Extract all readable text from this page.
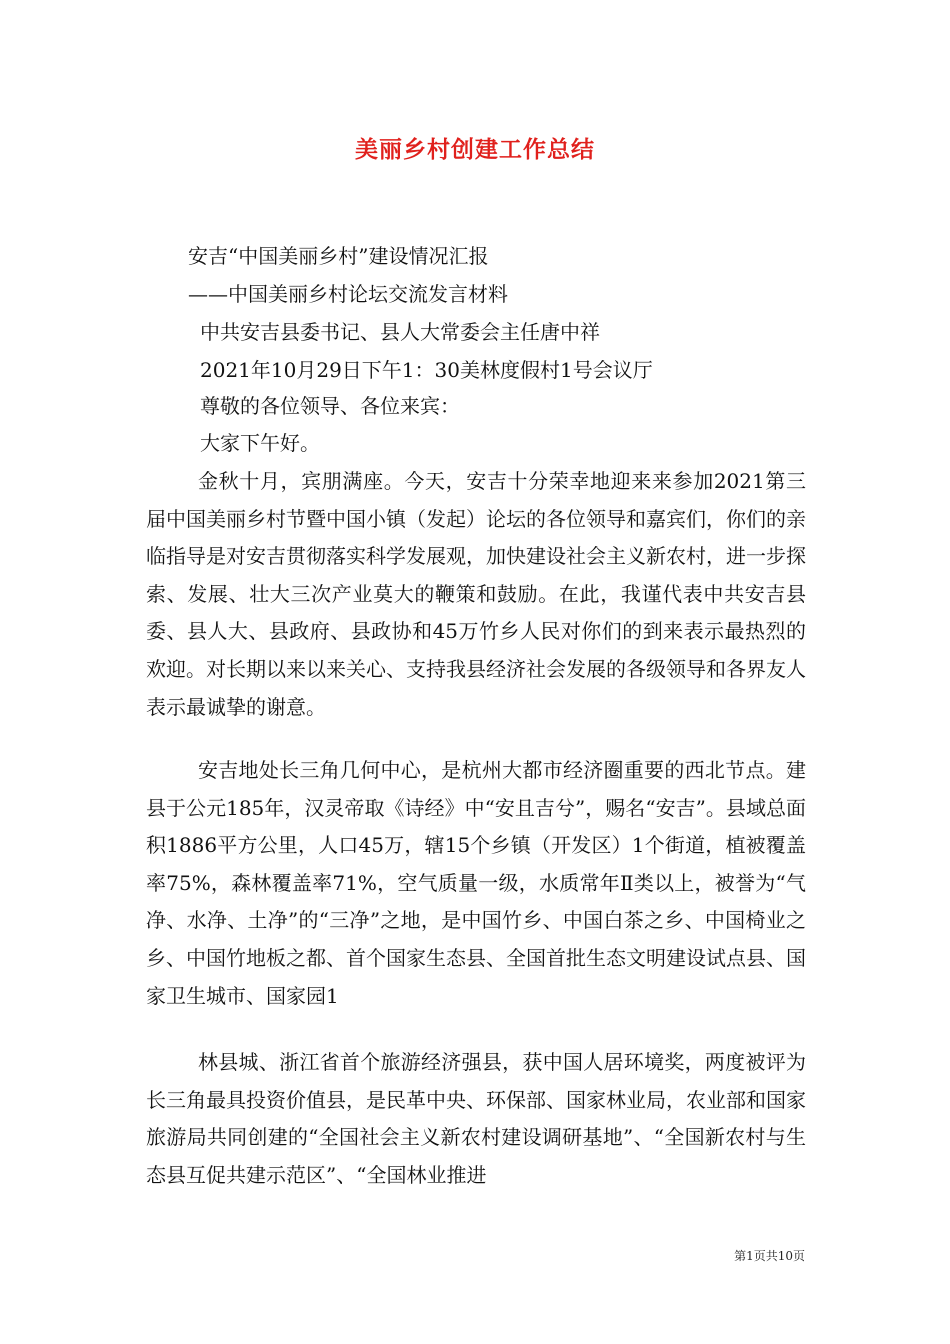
美丽乡村创建工作总结
安吉“中国美丽乡村”建设情况汇报
——中国美丽乡村论坛交流发言材料
中共安吉县委书记、县人大常委会主任唐中祥
2021年10月29日下午1：30美林度假村1号会议厅
尊敬的各位领导、各位来宾：
大家下午好。
金秋十月，宾朋满座。今天，安吉十分荣幸地迎来来参加2021第三届中国美丽乡村节暨中国小镇（发起）论坛的各位领导和嘉宾们，你们的亲临指导是对安吉贯彻落实科学发展观，加快建设社会主义新农村，进一步探索、发展、壮大三次产业莫大的鞭策和鼓励。在此，我谨代表中共安吉县委、县人大、县政府、县政协和45万竹乡人民对你们的到来表示最热烈的欢迎。对长期以来以来关心、支持我县经济社会发展的各级领导和各界友人表示最诚挚的谢意。
安吉地处长三角几何中心，是杭州大都市经济圈重要的西北节点。建县于公元185年，汉灵帝取《诗经》中“安且吉兮”，赐名“安吉”。县域总面积1886平方公里，人口45万，辖15个乡镇（开发区）1个街道，植被覆盖率75%，森林覆盖率71%，空气质量一级，水质常年Ⅱ类以上，被誉为“气净、水净、土净”的“三净”之地，是中国竹乡、中国白茶之乡、中国椅业之乡、中国竹地板之都、首个国家生态县、全国首批生态文明建设试点县、国家卫生城市、国家园1
林县城、浙江省首个旅游经济强县，获中国人居环境奖，两度被评为长三角最具投资价值县，是民革中央、环保部、国家林业局，农业部和国家旅游局共同创建的“全国社会主义新农村建设调研基地”、“全国新农村与生态县互促共建示范区”、“全国林业推进
第1页共10页
